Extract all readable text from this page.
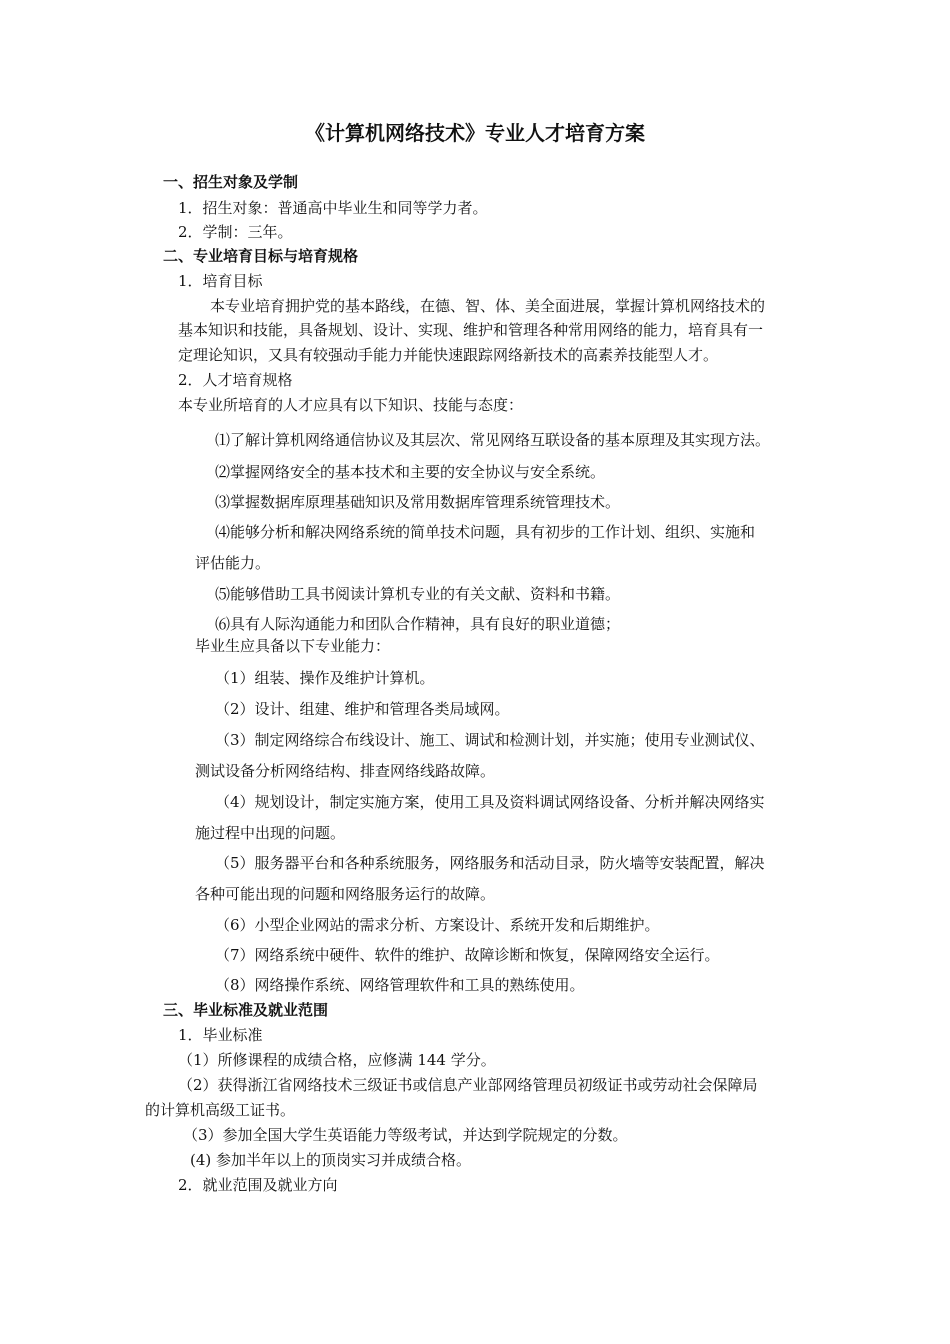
《计算机网络技术》专业人才培育方案
一、招生对象及学制
1．招生对象：普通高中毕业生和同等学力者。
2．学制：三年。
二、专业培育目标与培育规格
1．培育目标
本专业培育拥护党的基本路线，在德、智、体、美全面进展，掌握计算机网络技术的
基本知识和技能，具备规划、设计、实现、维护和管理各种常用网络的能力，培育具有一
定理论知识，又具有较强动手能力并能快速跟踪网络新技术的高素养技能型人才。
2．人才培育规格
本专业所培育的人才应具有以下知识、技能与态度：
⑴了解计算机网络通信协议及其层次、常见网络互联设备的基本原理及其实现方法。
⑵掌握网络安全的基本技术和主要的安全协议与安全系统。
⑶掌握数据库原理基础知识及常用数据库管理系统管理技术。
⑷能够分析和解决网络系统的简单技术问题，具有初步的工作计划、组织、实施和
评估能力。
⑸能够借助工具书阅读计算机专业的有关文献、资料和书籍。
⑹具有人际沟通能力和团队合作精神，具有良好的职业道德；
毕业生应具备以下专业能力：
（1）组装、操作及维护计算机。
（2）设计、组建、维护和管理各类局域网。
（3）制定网络综合布线设计、施工、调试和检测计划，并实施；使用专业测试仪、
测试设备分析网络结构、排查网络线路故障。
（4）规划设计，制定实施方案，使用工具及资料调试网络设备、分析并解决网络实
施过程中出现的问题。
（5）服务器平台和各种系统服务，网络服务和活动目录，防火墙等安装配置，解决
各种可能出现的问题和网络服务运行的故障。
（6）小型企业网站的需求分析、方案设计、系统开发和后期维护。
（7）网络系统中硬件、软件的维护、故障诊断和恢复，保障网络安全运行。
（8）网络操作系统、网络管理软件和工具的熟练使用。
三、毕业标准及就业范围
1．毕业标准
（1）所修课程的成绩合格，应修满 144 学分。
（2）获得浙江省网络技术三级证书或信息产业部网络管理员初级证书或劳动社会保障局
的计算机高级工证书。
（3）参加全国大学生英语能力等级考试，并达到学院规定的分数。
(4) 参加半年以上的顶岗实习并成绩合格。
2．就业范围及就业方向
